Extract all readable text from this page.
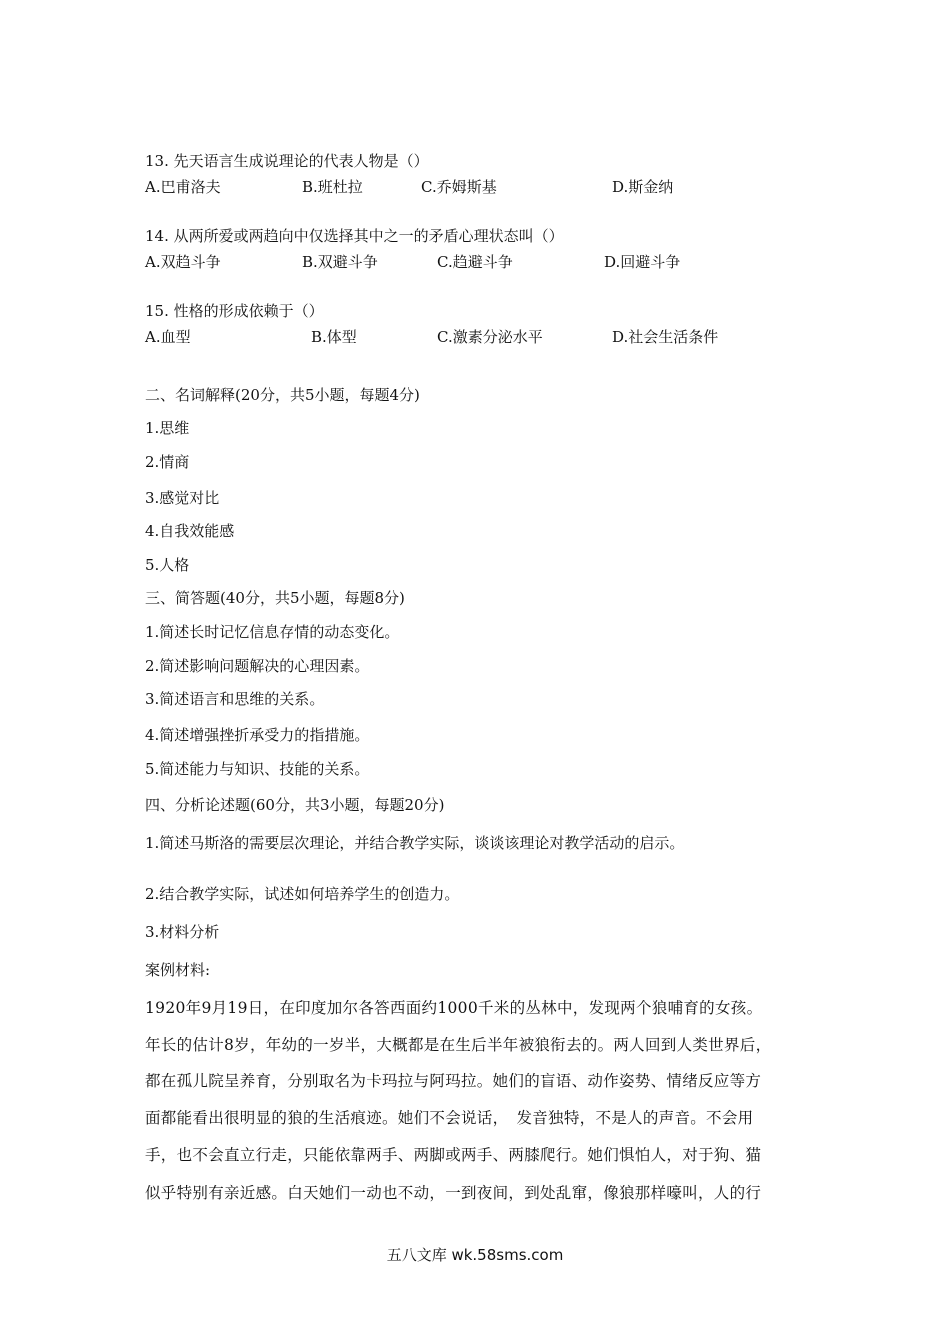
13. 先天语言生成说理论的代表人物是（）
A.巴甫洛夫	B.班杜拉	C.乔姆斯基	D.斯金纳
14. 从两所爱或两趋向中仅选择其中之一的矛盾心理状态叫（）
A.双趋斗争	B.双避斗争	C.趋避斗争	D.回避斗争
15. 性格的形成依赖于（）
A.血型	B.体型	C.激素分泌水平	D.社会生活条件
二、名词解释(20分，共5小题，每题4分)
1.思维
2.情商
3.感觉对比
4.自我效能感
5.人格
三、简答题(40分，共5小题，每题8分)
1.简述长时记忆信息存情的动态变化。
2.简述影响问题解决的心理因素。
3.简述语言和思维的关系。
4.简述增强挫折承受力的指措施。
5.简述能力与知识、技能的关系。
四、分析论述题(60分，共3小题，每题20分)
1.简述马斯洛的需要层次理论，并结合教学实际，谈谈该理论对教学活动的启示。
2.结合教学实际，试述如何培养学生的创造力。
3.材料分析
案例材料:
1920年9月19日，在印度加尔各答西面约1000千米的丛林中，发现两个狼哺育的女孩。
年长的估计8岁，年幼的一岁半，大概都是在生后半年被狼衔去的。两人回到人类世界后，
都在孤儿院呈养育，分别取名为卡玛拉与阿玛拉。她们的盲语、动作姿势、情绪反应等方
面都能看出很明显的狼的生活痕迹。她们不会说话，　发音独特，不是人的声音。不会用
手，也不会直立行走，只能依靠两手、两脚或两手、两膝爬行。她们惧怕人，对于狗、猫
似乎特别有亲近感。白天她们一动也不动，一到夜间，到处乱窜，像狼那样嚎叫，人的行
五八文库 wk.58sms.com
